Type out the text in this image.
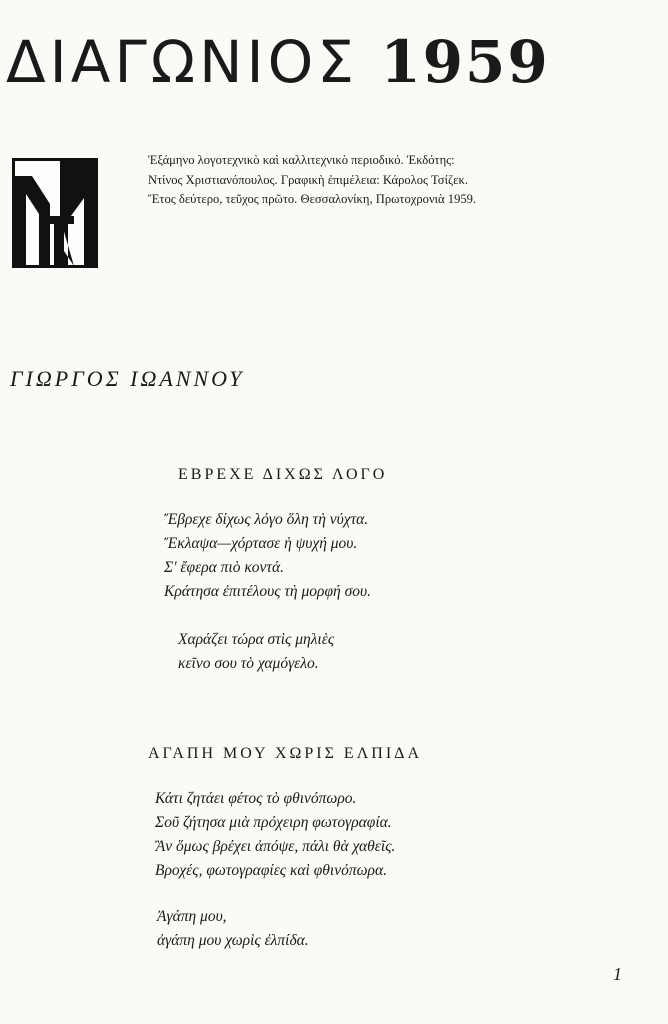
ΔΙΑΓΩΝΙΟΣ 1959

Ἑξάμηνο λογοτεχνικὸ καὶ καλλιτεχνικὸ περιοδικό. Ἐκδότης:
Ντίνος Χριστιανόπουλος. Γραφικὴ ἐπιμέλεια: Κάρολος Τσίζεκ.
Ἔτος δεύτερο, τεῦχος πρῶτο. Θεσσαλονίκη, Πρωτοχρονιὰ 1959.

ΓΙΩΡΓΟΣ ΙΩΑΝΝΟΥ
ΕΒΡΕΧΕ ΔΙΧΩΣ ΛΟΓΟ
Ἔβρεχε δίχως λόγο ὅλη τὴ νύχτα.
Ἔκλαψα—χόρτασε ἡ ψυχή μου.
Σ' ἔφερα πιὸ κοντά.
Κράτησα ἐπιτέλους τὴ μορφή σου.
Χαράζει τώρα στὶς μηλιὲς
κεῖνο σου τὸ χαμόγελο.
ΑΓΑΠΗ ΜΟΥ ΧΩΡΙΣ ΕΛΠΙΔΑ
Κάτι ζητάει φέτος τὸ φθινόπωρο.
Σοῦ ζήτησα μιὰ πρόχειρη φωτογραφία.
Ἂν ὅμως βρέχει ἀπόψε, πάλι θὰ χαθεῖς.
Βροχές, φωτογραφίες καὶ φθινόπωρα.
Ἀγάπη μου,
ἀγάπη μου χωρὶς ἐλπίδα.
1
